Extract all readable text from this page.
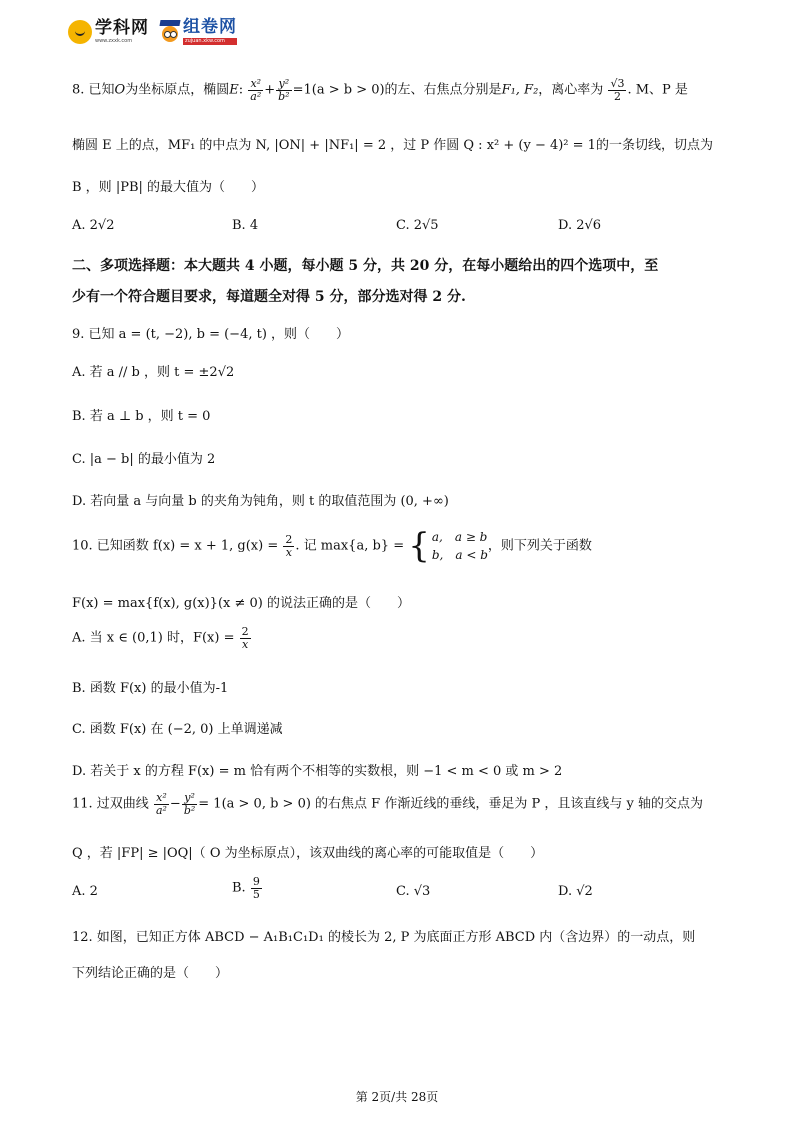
学科网
www.zxxk.com
组卷网
zujuan.xkw.com
8. 已知O为坐标原点，椭圆E: $\frac{\text{x²}}{\text{a²}} + \frac{\text{y²}}{\text{b²}} =1(a > b > 0)$的左、右焦点分别是F₁, F₂，离心率为 $\frac{√3}{2}$ . M、P 是
椭圆 E 上的点，MF₁ 的中点为 N, |ON| + |NF₁| = 2 ，过 P 作圆 Q : x² + (y − 4)² = 1的一条切线，切点为
B ，则 |PB| 的最大值为（　　）
A. 2√2	B. 4	C. 2√5	D. 2√6
二、多项选择题：本大题共 4 小题，每小题 5 分，共 20 分，在每小题给出的四个选项中，至
少有一个符合题目要求，每道题全对得 5 分，部分选对得 2 分.
9. 已知 a = (t, −2), b = (−4, t) ，则（　　）
A. 若 a // b ，则 t = ±2√2
B. 若 a ⊥ b ，则 t = 0
C. |a − b| 的最小值为 2
D. 若向量 a 与向量 b 的夹角为钝角，则 t 的取值范围为 (0, +∞)
10. 已知函数 f(x) = x + 1, $g(x) = \frac{2}{x}$ . 记 max{a, b} = { a,　a ≥ b
b,　a < b
，则下列关于函数
F(x) = max{f(x), g(x)}(x ≠ 0) 的说法正确的是（　　）
A. 当 x ∈ (0,1) 时，$F(x) = \frac{2}{x}$
B. 函数 F(x) 的最小值为-1
C. 函数 F(x) 在 (−2, 0) 上单调递减
D. 若关于 x 的方程 F(x) = m 恰有两个不相等的实数根，则 −1 < m < 0 或 m > 2
11. 过双曲线 $\frac{\text{x²}}{\text{a²}} - \frac{\text{y²}}{\text{b²}} = 1(a > 0$, b > 0) 的右焦点 F 作渐近线的垂线，垂足为 P ，且该直线与 y 轴的交点为
Q ，若 |FP| ≥ |OQ|（ O 为坐标原点），该双曲线的离心率的可能取值是（　　）
A. 2	B. $\frac{9}{5}$	C. √3	D. √2
12. 如图，已知正方体 ABCD − A₁B₁C₁D₁ 的棱长为 2, P 为底面正方形 ABCD 内（含边界）的一动点，则
下列结论正确的是（　　）
第 2页/共 28页
